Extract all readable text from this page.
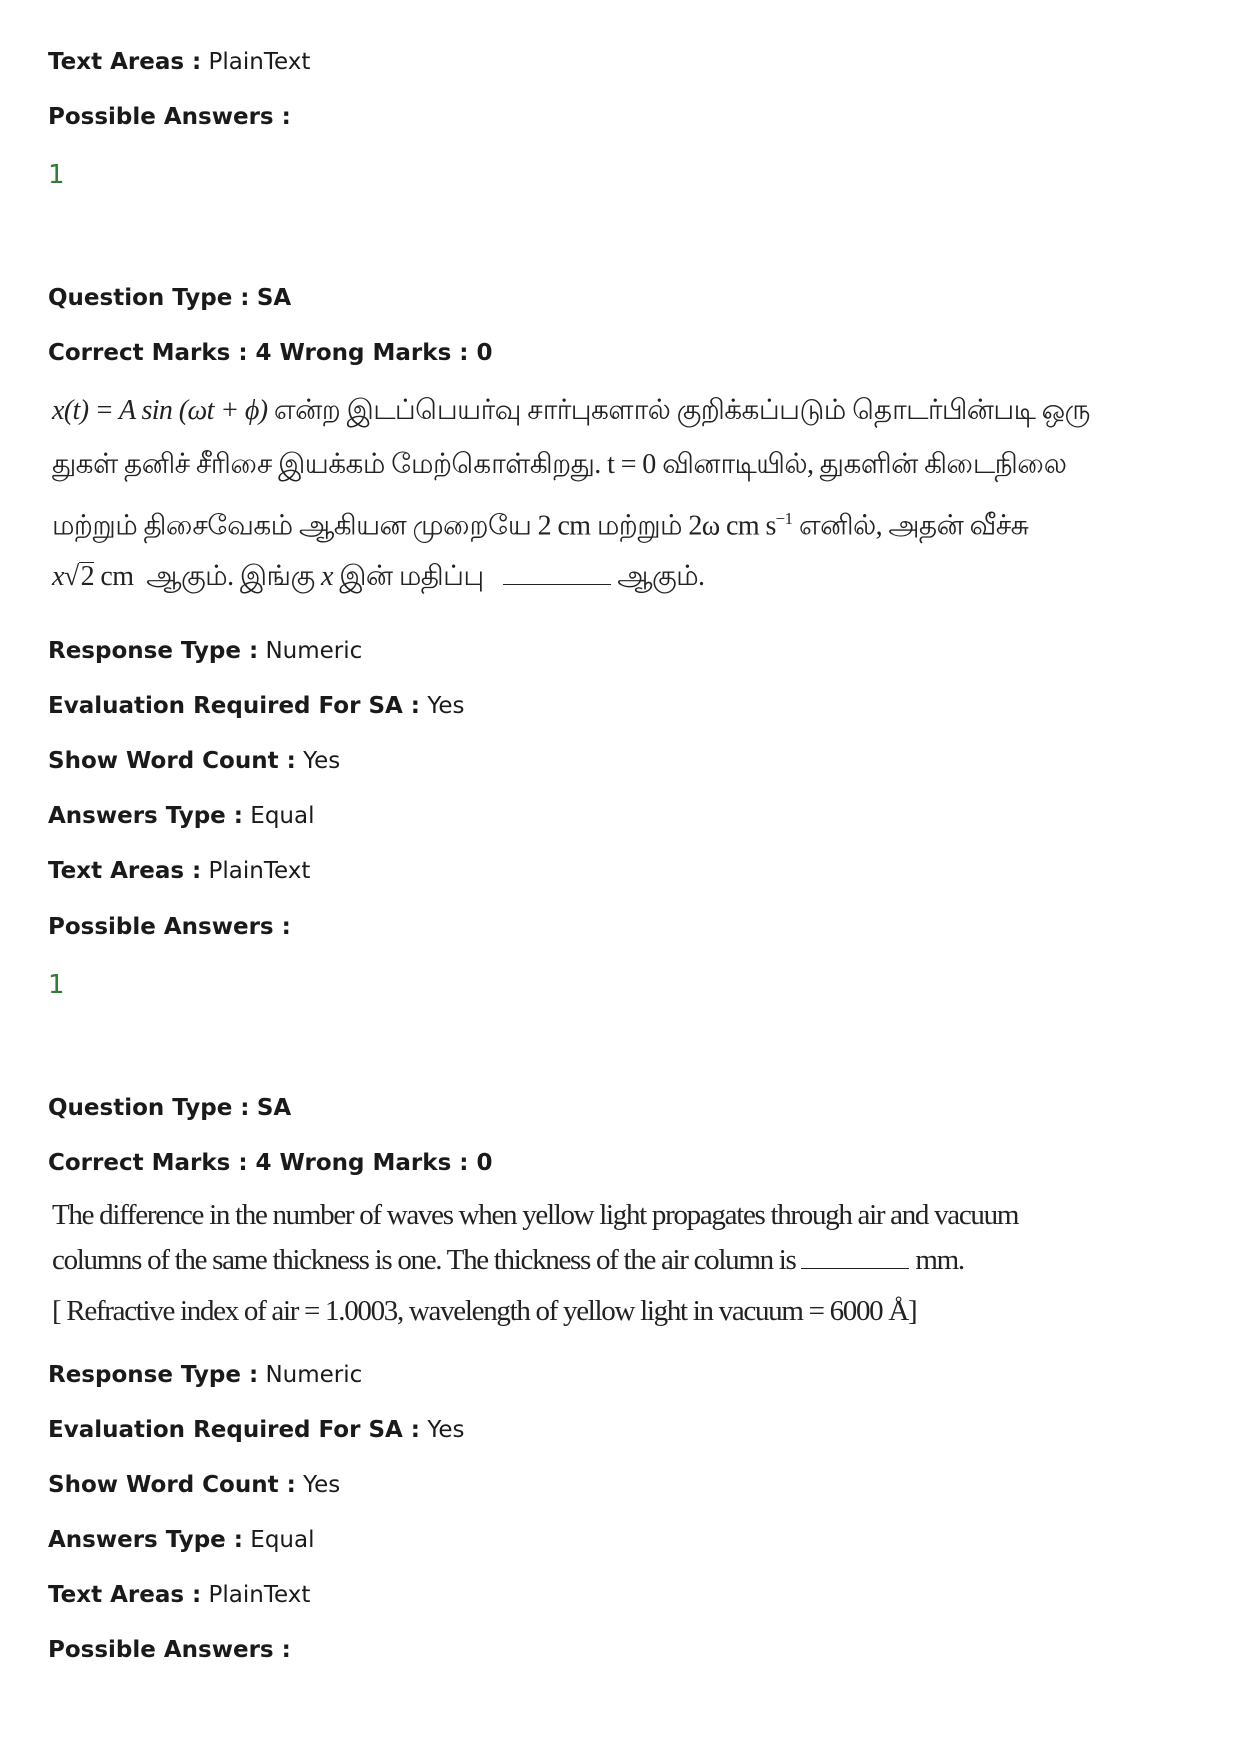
Text Areas : PlainText
Possible Answers :
1
Question Type : SA
Correct Marks : 4 Wrong Marks : 0
x(t) = A sin (ωt + ϕ) என்ற இடப்பெயர்வு சார்புகளால் குறிக்கப்படும் தொடர்பின்படி ஒரு
துகள் தனிச் சீரிசை இயக்கம் மேற்கொள்கிறது. t = 0 வினாடியில், துகளின் கிடைநிலை
மற்றும் திசைவேகம் ஆகியன முறையே 2 cm மற்றும் 2ω cm $s^{-1}$ எனில், அதன் வீச்சு
x√2 cm ஆகும். இங்கு x இன் மதிப்பு	ஆகும்.
Response Type : Numeric
Evaluation Required For SA : Yes
Show Word Count : Yes
Answers Type : Equal
Text Areas : PlainText
Possible Answers :
1
Question Type : SA
Correct Marks : 4 Wrong Marks : 0
The difference in the number of waves when yellow light propagates through air and vacuum
columns of the same thickness is one. The thickness of the air column is	mm.
[ Refractive index of air = 1.0003, wavelength of yellow light in vacuum = 6000 Å]
Response Type : Numeric
Evaluation Required For SA : Yes
Show Word Count : Yes
Answers Type : Equal
Text Areas : PlainText
Possible Answers :
